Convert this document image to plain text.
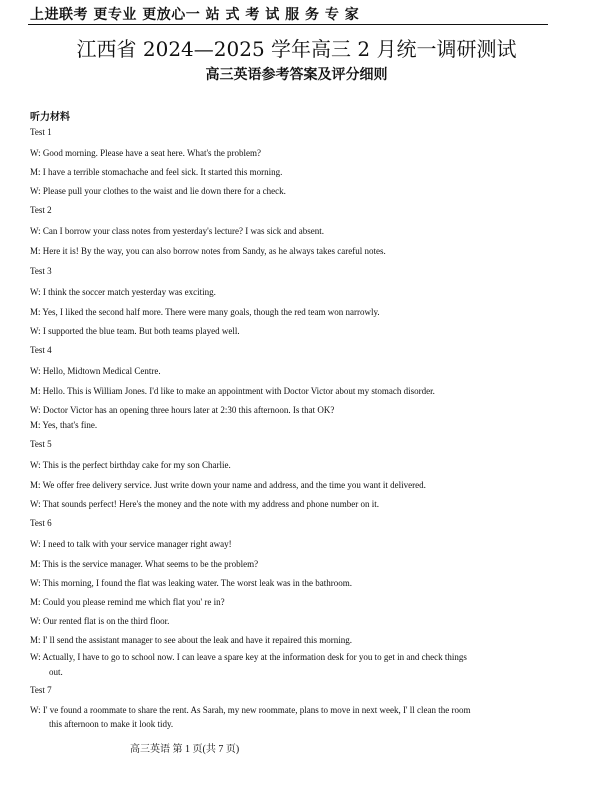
上进联考 更专业 更放心一 站 式 考 试 服 务 专 家
江西省 2024—2025 学年高三 2 月统一调研测试
高三英语参考答案及评分细则
听力材料
Test 1
W: Good morning. Please have a seat here. What's the problem?
M: I have a terrible stomachache and feel sick. It started this morning.
W: Please pull your clothes to the waist and lie down there for a check.
Test 2
W: Can I borrow your class notes from yesterday's lecture? I was sick and absent.
M: Here it is! By the way, you can also borrow notes from Sandy, as he always takes careful notes.
Test 3
W: I think the soccer match yesterday was exciting.
M: Yes, I liked the second half more. There were many goals, though the red team won narrowly.
W: I supported the blue team. But both teams played well.
Test 4
W: Hello, Midtown Medical Centre.
M: Hello. This is William Jones. I'd like to make an appointment with Doctor Victor about my stomach disorder.
W: Doctor Victor has an opening three hours later at 2:30 this afternoon. Is that OK?
M: Yes, that's fine.
Test 5
W: This is the perfect birthday cake for my son Charlie.
M: We offer free delivery service. Just write down your name and address, and the time you want it delivered.
W: That sounds perfect! Here's the money and the note with my address and phone number on it.
Test 6
W: I need to talk with your service manager right away!
M: This is the service manager. What seems to be the problem?
W: This morning, I found the flat was leaking water. The worst leak was in the bathroom.
M: Could you please remind me which flat you' re in?
W: Our rented flat is on the third floor.
M: I' ll send the assistant manager to see about the leak and have it repaired this morning.
W: Actually, I have to go to school now. I can leave a spare key at the information desk for you to get in and check things
out.
Test 7
W: I' ve found a roommate to share the rent. As Sarah, my new roommate, plans to move in next week, I' ll clean the room
this afternoon to make it look tidy.
高三英语 第 1 页(共 7 页)
